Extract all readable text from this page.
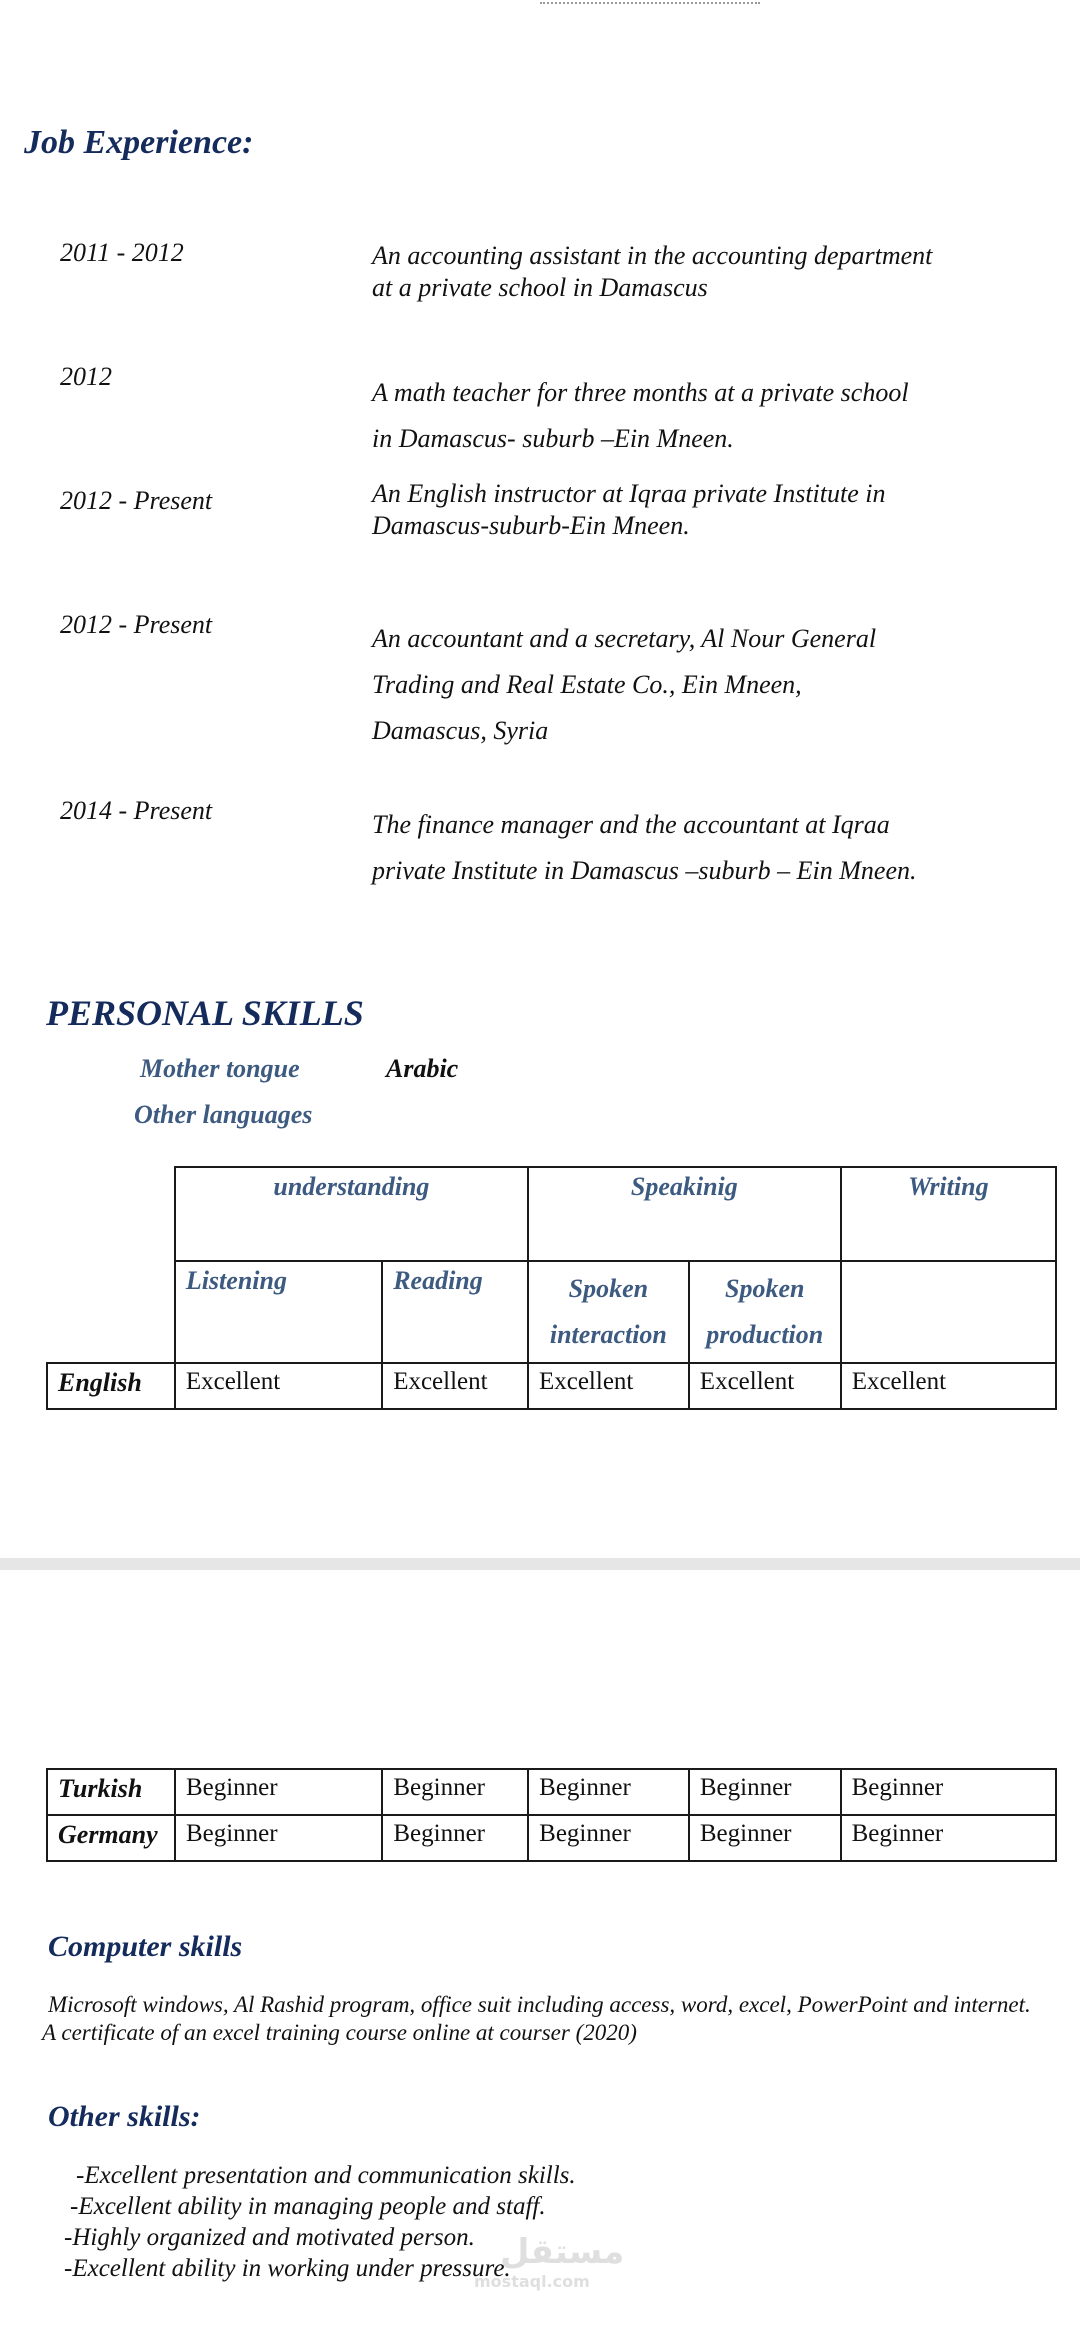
Job Experience:
2011 - 2012	An accounting assistant in the accounting department
at a private school in Damascus
2012
A math teacher for three months at a private school
in Damascus- suburb –Ein Mneen.
2012 - Present	An English instructor at Iqraa private Institute in
Damascus-suburb-Ein Mneen.
2012 - Present	An accountant and a secretary, Al Nour General
Trading and Real Estate Co., Ein Mneen,
Damascus, Syria
2014 - Present	The finance manager and the accountant at Iqraa
private Institute in Damascus –suburb – Ein Mneen.
PERSONAL SKILLS
Mother tongue	Arabic
Other languages
	understanding		Speakinig		Writing
	Listening	Reading	Spoken interaction	Spoken production	
English	Excellent	Excellent	Excellent	Excellent	Excellent
Turkish	Beginner	Beginner	Beginner	Beginner	Beginner
Germany	Beginner	Beginner	Beginner	Beginner	Beginner
Computer skills
Microsoft windows, Al Rashid program, office suit including access, word, excel, PowerPoint and internet.
A certificate of an excel training course online at courser (2020)
Other skills:
-Excellent presentation and communication skills.
-Excellent ability in managing people and staff.
-Highly organized and motivated person.
-Excellent ability in working under pressure.
مستقل
mostaql.com
